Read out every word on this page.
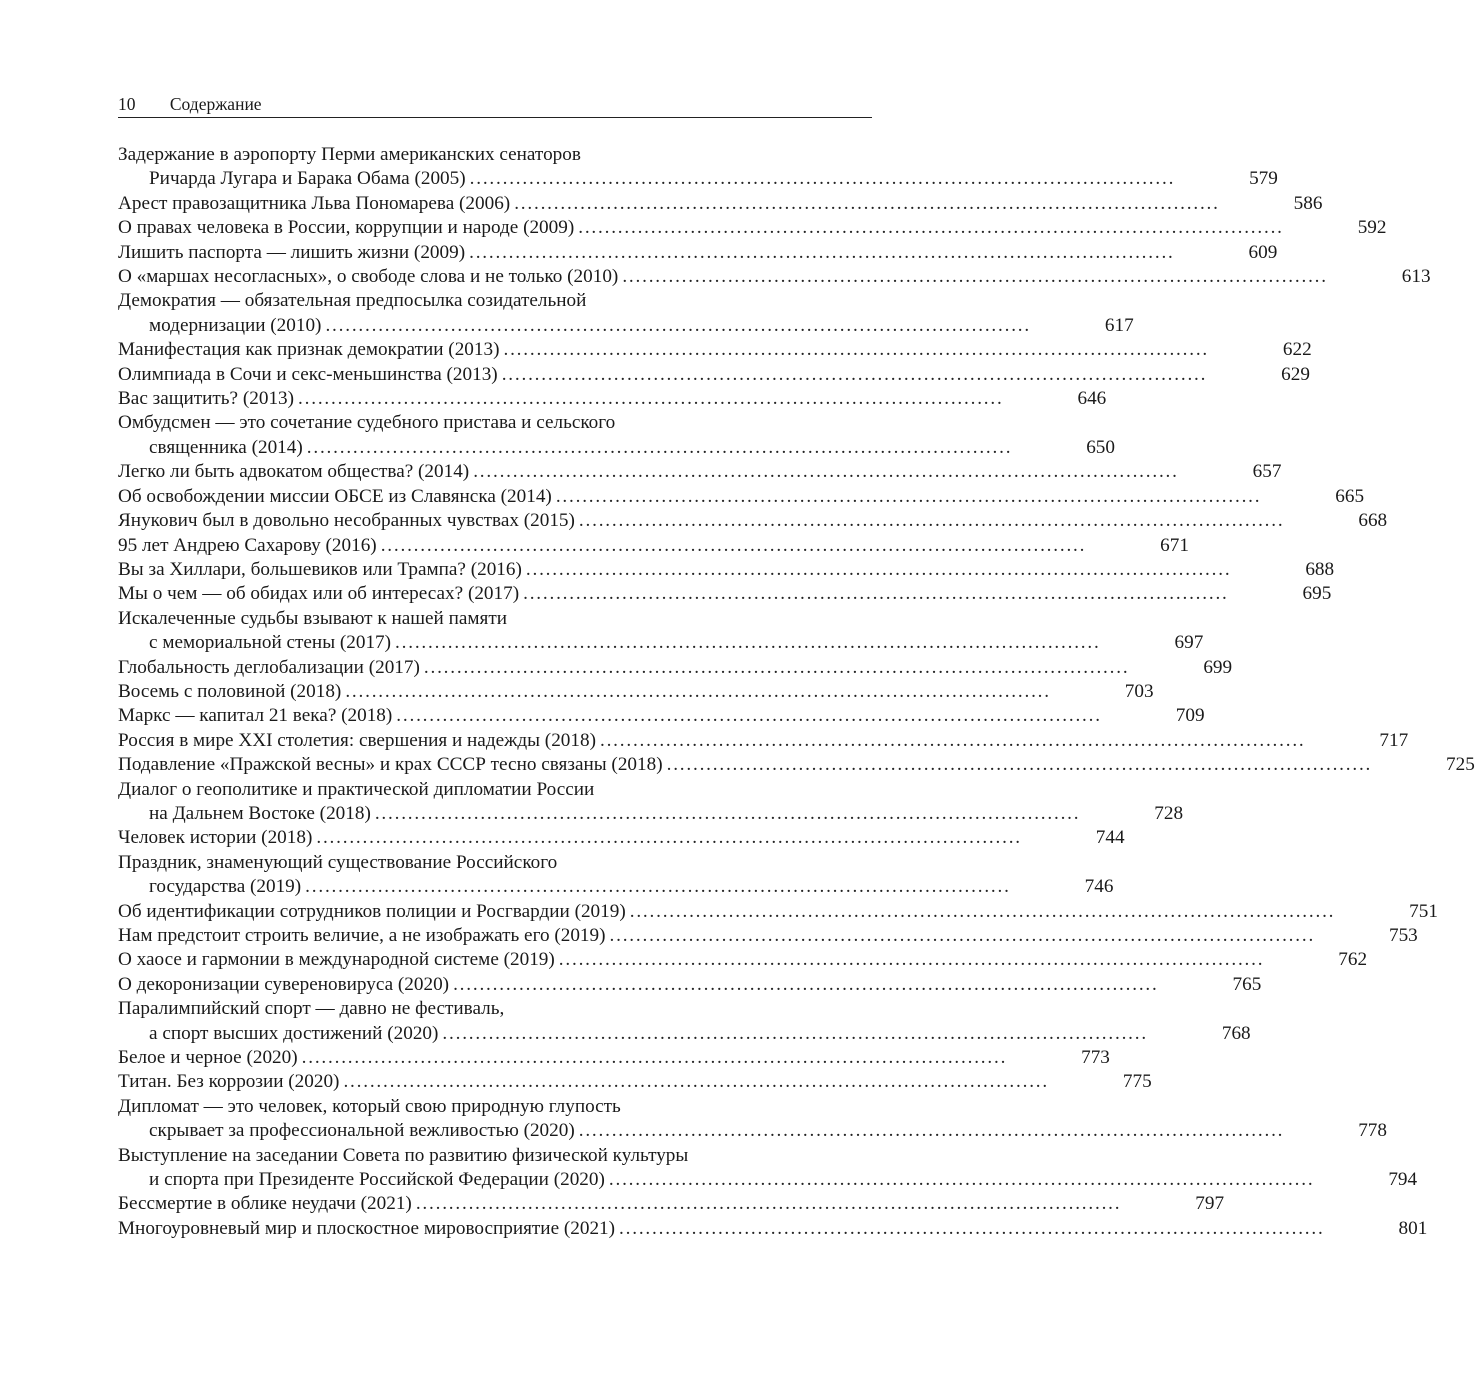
10 Содержание
Задержание в аэропорту Перми американских сенаторов
Ричарда Лугара и Барака Обама (2005) . . .	579
Арест правозащитника Льва Пономарева (2006) . . .	586
О правах человека в России, коррупции и народе (2009) . . .	592
Лишить паспорта — лишить жизни (2009) . . .	609
О «маршах несогласных», о свободе слова и не только (2010) . . .	613
Демократия — обязательная предпосылка созидательной
модернизации (2010) . . .	617
Манифестация как признак демократии (2013) . . .	622
Олимпиада в Сочи и секс-меньшинства (2013) . . .	629
Вас защитить? (2013) . . .	646
Омбудсмен — это сочетание судебного пристава и сельского
священника (2014) . . .	650
Легко ли быть адвокатом общества? (2014) . . .	657
Об освобождении миссии ОБСЕ из Славянска (2014) . . .	665
Янукович был в довольно несобранных чувствах (2015) . . .	668
95 лет Андрею Сахарову (2016) . . .	671
Вы за Хиллари, большевиков или Трампа? (2016) . . .	688
Мы о чем — об обидах или об интересах? (2017) . . .	695
Искалеченные судьбы взывают к нашей памяти
с мемориальной стены (2017) . . .	697
Глобальность деглобализации (2017) . . .	699
Восемь с половиной (2018) . . .	703
Маркс — капитал 21 века? (2018) . . .	709
Россия в мире XXI столетия: свершения и надежды (2018) . . .	717
Подавление «Пражской весны» и крах СССР тесно связаны (2018) . . .	725
Диалог о геополитике и практической дипломатии России
на Дальнем Востоке (2018) . . .	728
Человек истории (2018) . . .	744
Праздник, знаменующий существование Российского
государства (2019) . . .	746
Об идентификации сотрудников полиции и Росгвардии (2019) . . .	751
Нам предстоит строить величие, а не изображать его (2019) . . .	753
О хаосе и гармонии в международной системе (2019) . . .	762
О декоронизации сувереновируса (2020) . . .	765
Паралимпийский спорт — давно не фестиваль,
а спорт высших достижений (2020) . . .	768
Белое и черное (2020) . . .	773
Титан. Без коррозии (2020) . . .	775
Дипломат — это человек, который свою природную глупость
скрывает за профессиональной вежливостью (2020) . . .	778
Выступление на заседании Совета по развитию физической культуры
и спорта при Президенте Российской Федерации (2020) . . .	794
Бессмертие в облике неудачи (2021) . . .	797
Многоуровневый мир и плоскостное мировосприятие (2021) . . .	801
